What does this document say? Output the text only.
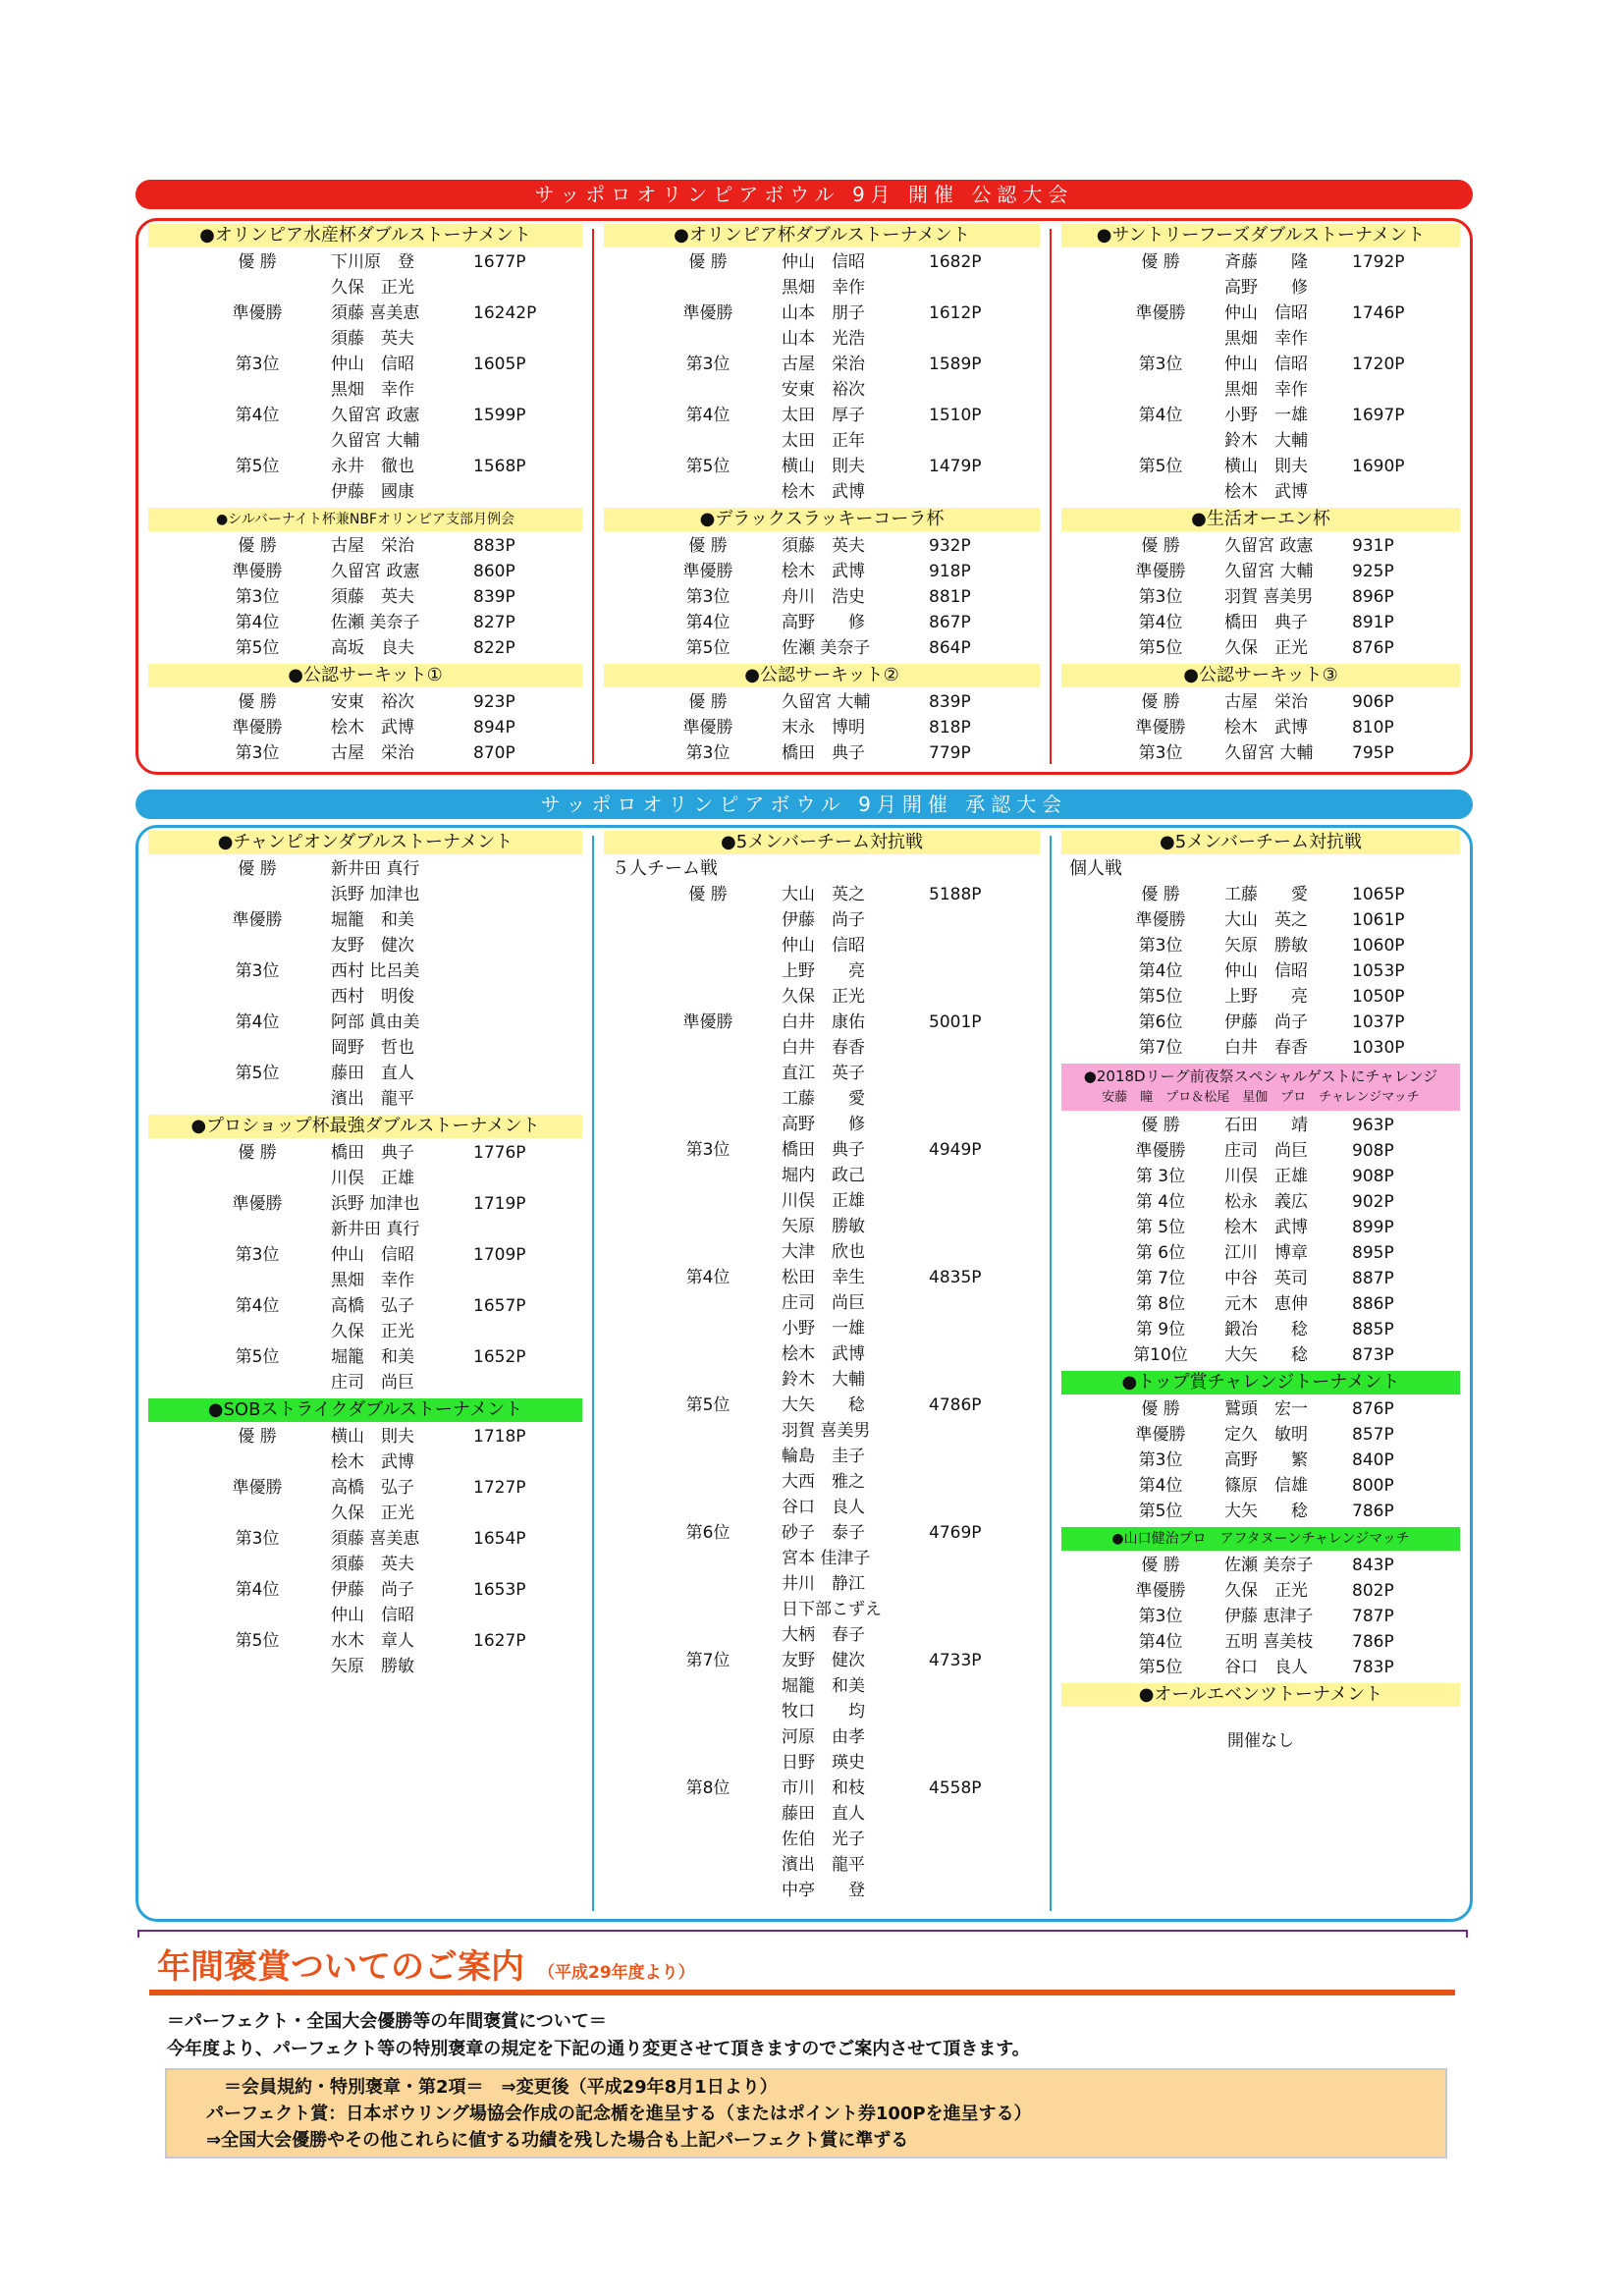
サッポロオリンピアボウル 9月 開催 公認大会
●オリンピア水産杯ダブルストーナメント
優 勝	1677P
下川原　登
久保　正光
準優勝	16242P
須藤 喜美恵
須藤　英夫
第3位	1605P
仲山　信昭
黒畑　幸作
第4位	1599P
久留宮 政憲
久留宮 大輔
第5位	1568P
永井　徹也
伊藤　國康
●シルバーナイト杯兼NBFオリンピア支部月例会
優 勝	883P
古屋　栄治
準優勝	860P
久留宮 政憲
第3位	839P
須藤　英夫
第4位	827P
佐瀬 美奈子
第5位	822P
高坂　良夫
●公認サーキット①
優 勝	923P
安東　裕次
準優勝	894P
桧木　武博
第3位	870P
古屋　栄治
●オリンピア杯ダブルストーナメント
優 勝	1682P
仲山　信昭
黒畑　幸作
準優勝	1612P
山本　朋子
山本　光浩
第3位	1589P
古屋　栄治
安東　裕次
第4位	1510P
太田　厚子
太田　正年
第5位	1479P
横山　則夫
桧木　武博
●デラックスラッキーコーラ杯
優 勝	932P
須藤　英夫
準優勝	918P
桧木　武博
第3位	881P
舟川　浩史
第4位	867P
高野　　修
第5位	864P
佐瀬 美奈子
●公認サーキット②
優 勝	839P
久留宮 大輔
準優勝	818P
末永　博明
第3位	779P
橋田　典子
●サントリーフーズダブルストーナメント
優 勝	1792P
斉藤　　隆
高野　　修
準優勝	1746P
仲山　信昭
黒畑　幸作
第3位	1720P
仲山　信昭
黒畑　幸作
第4位	1697P
小野　一雄
鈴木　大輔
第5位	1690P
横山　則夫
桧木　武博
●生活オーエン杯
優 勝	931P
久留宮 政憲
準優勝	925P
久留宮 大輔
第3位	896P
羽賀 喜美男
第4位	891P
橋田　典子
第5位	876P
久保　正光
●公認サーキット③
優 勝	906P
古屋　栄治
準優勝	810P
桧木　武博
第3位	795P
久留宮 大輔
サッポロオリンピアボウル 9月開催 承認大会
●チャンピオンダブルストーナメント
優 勝	新井田 真行
浜野 加津也
準優勝	堀籠　和美
友野　健次
第3位	西村 比呂美
西村　明俊
第4位	阿部 眞由美
岡野　哲也
第5位	藤田　直人
濱出　龍平
●プロショップ杯最強ダブルストーナメント
優 勝	1776P
橋田　典子
川俣　正雄
準優勝	1719P
浜野 加津也
新井田 真行
第3位	1709P
仲山　信昭
黒畑　幸作
第4位	1657P
高橋　弘子
久保　正光
第5位	1652P
堀籠　和美
庄司　尚巨
●SOBストライクダブルストーナメント
優 勝	1718P
横山　則夫
桧木　武博
準優勝	1727P
高橋　弘子
久保　正光
第3位	1654P
須藤 喜美恵
須藤　英夫
第4位	1653P
伊藤　尚子
仲山　信昭
第5位	1627P
水木　章人
矢原　勝敏
●5メンバーチーム対抗戦
５人チーム戦
優 勝	5188P
大山　英之
伊藤　尚子
仲山　信昭
上野　　亮
久保　正光
準優勝	5001P
白井　康佑
白井　春香
直江　英子
工藤　　愛
高野　　修
第3位	4949P
橋田　典子
堀内　政己
川俣　正雄
矢原　勝敏
大津　欣也
第4位	4835P
松田　幸生
庄司　尚巨
小野　一雄
桧木　武博
鈴木　大輔
第5位	4786P
大矢　　稔
羽賀 喜美男
輪島　圭子
大西　雅之
谷口　良人
第6位	4769P
砂子　泰子
宮本 佳津子
井川　静江
日下部こずえ
大柄　春子
第7位	4733P
友野　健次
堀籠　和美
牧口　　均
河原　由孝
日野　瑛史
第8位	4558P
市川　和枝
藤田　直人
佐伯　光子
濱出　龍平
中亭　　登
●5メンバーチーム対抗戦
個人戦
優 勝	1065P
工藤　　愛
準優勝	1061P
大山　英之
第3位	1060P
矢原　勝敏
第4位	1053P
仲山　信昭
第5位	1050P
上野　　亮
第6位	1037P
伊藤　尚子
第7位	1030P
白井　春香
●2018Dリーグ前夜祭スペシャルゲストにチャレンジ
安藤　瞳　プロ＆松尾　星伽　プロ　チャレンジマッチ
優 勝	963P
石田　　靖
準優勝	908P
庄司　尚巨
第 3位	908P
川俣　正雄
第 4位	902P
松永　義広
第 5位	899P
桧木　武博
第 6位	895P
江川　博章
第 7位	887P
中谷　英司
第 8位	886P
元木　恵伸
第 9位	885P
鍛冶　　稔
第10位	873P
大矢　　稔
●トップ賞チャレンジトーナメント
優 勝	876P
鷲頭　宏一
準優勝	857P
定久　敏明
第3位	840P
高野　　繁
第4位	800P
篠原　信雄
第5位	786P
大矢　　稔
●山口健治プロ　アフタヌーンチャレンジマッチ
優 勝	843P
佐瀬 美奈子
準優勝	802P
久保　正光
第3位	787P
伊藤 恵津子
第4位	786P
五明 喜美枝
第5位	783P
谷口　良人
●オールエベンツトーナメント
開催なし
年間褒賞ついてのご案内 （平成29年度より）
＝パーフェクト・全国大会優勝等の年間褒賞について＝
今年度より、パーフェクト等の特別褒章の規定を下記の通り変更させて頂きますのでご案内させて頂きます。
　＝会員規約・特別褒章・第2項＝　⇒変更後（平成29年8月1日より）
パーフェクト賞：日本ボウリング場協会作成の記念楯を進呈する（またはポイント券100Pを進呈する）
⇒全国大会優勝やその他これらに値する功績を残した場合も上記パーフェクト賞に準ずる
